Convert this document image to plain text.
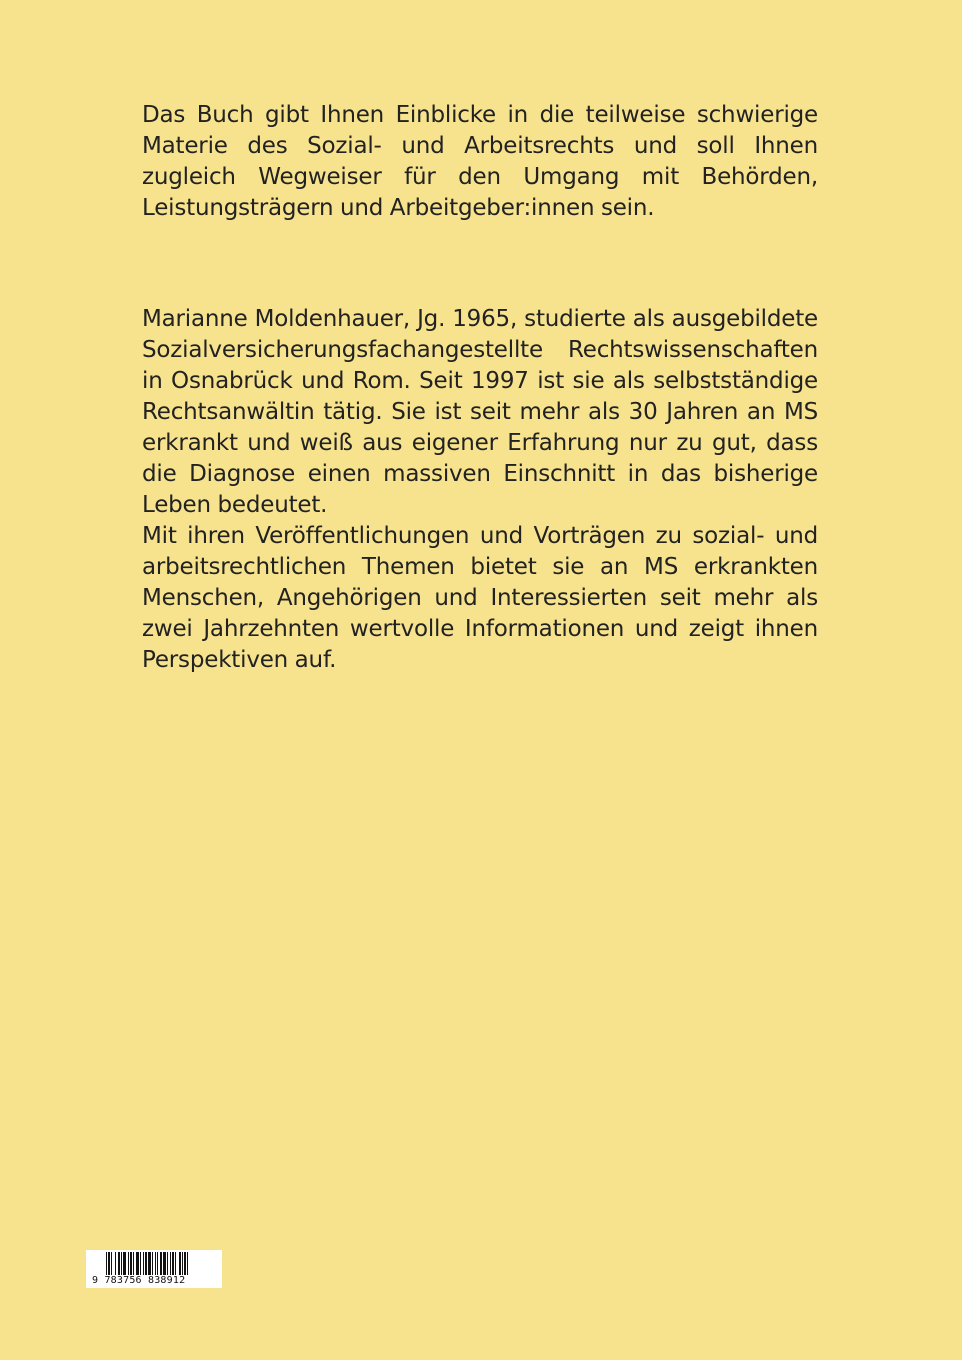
Das Buch gibt Ihnen Einblicke in die teilweise schwierige Materie des Sozial- und Arbeitsrechts und soll Ihnen zugleich Wegweiser für den Umgang mit Behörden, Leistungsträgern und Arbeitgeber:innen sein.

Marianne Moldenhauer, Jg. 1965, studierte als ausgebildete Sozialversicherungsfachangestellte Rechtswissenschaften in Osnabrück und Rom. Seit 1997 ist sie als selbstständige Rechtsanwältin tätig. Sie ist seit mehr als 30 Jahren an MS erkrankt und weiß aus eigener Erfahrung nur zu gut, dass die Diagnose einen massiven Einschnitt in das bisherige Leben bedeutet.

Mit ihren Veröffentlichungen und Vorträgen zu sozial- und arbeitsrechtlichen Themen bietet sie an MS erkrankten Menschen, Angehörigen und Interessierten seit mehr als zwei Jahrzehnten wertvolle Informationen und zeigt ihnen Perspektiven auf.

9 783756 838912
